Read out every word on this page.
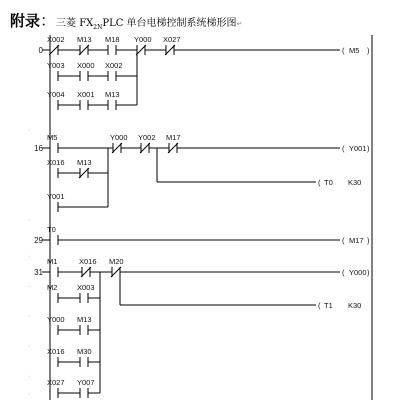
附录：三菱 $FX_{2N}PLC$ 单台电梯控制系统梯形图↵
0
X002 M13 M18 Y000 X027
Y003 X000 X002
Y004 X001 M13
(	)
M5
16
M5	Y000 Y002 M17
X016 M13
Y001
(	)
Y001
( T0 K30
29
T0
(	)
M17
31
M1	X016 M20
M2	X003
Y000 M13
X016 M30
X027 Y007
(	)
Y000
( T1 K30
·
·
·
·
·
·
·
·
